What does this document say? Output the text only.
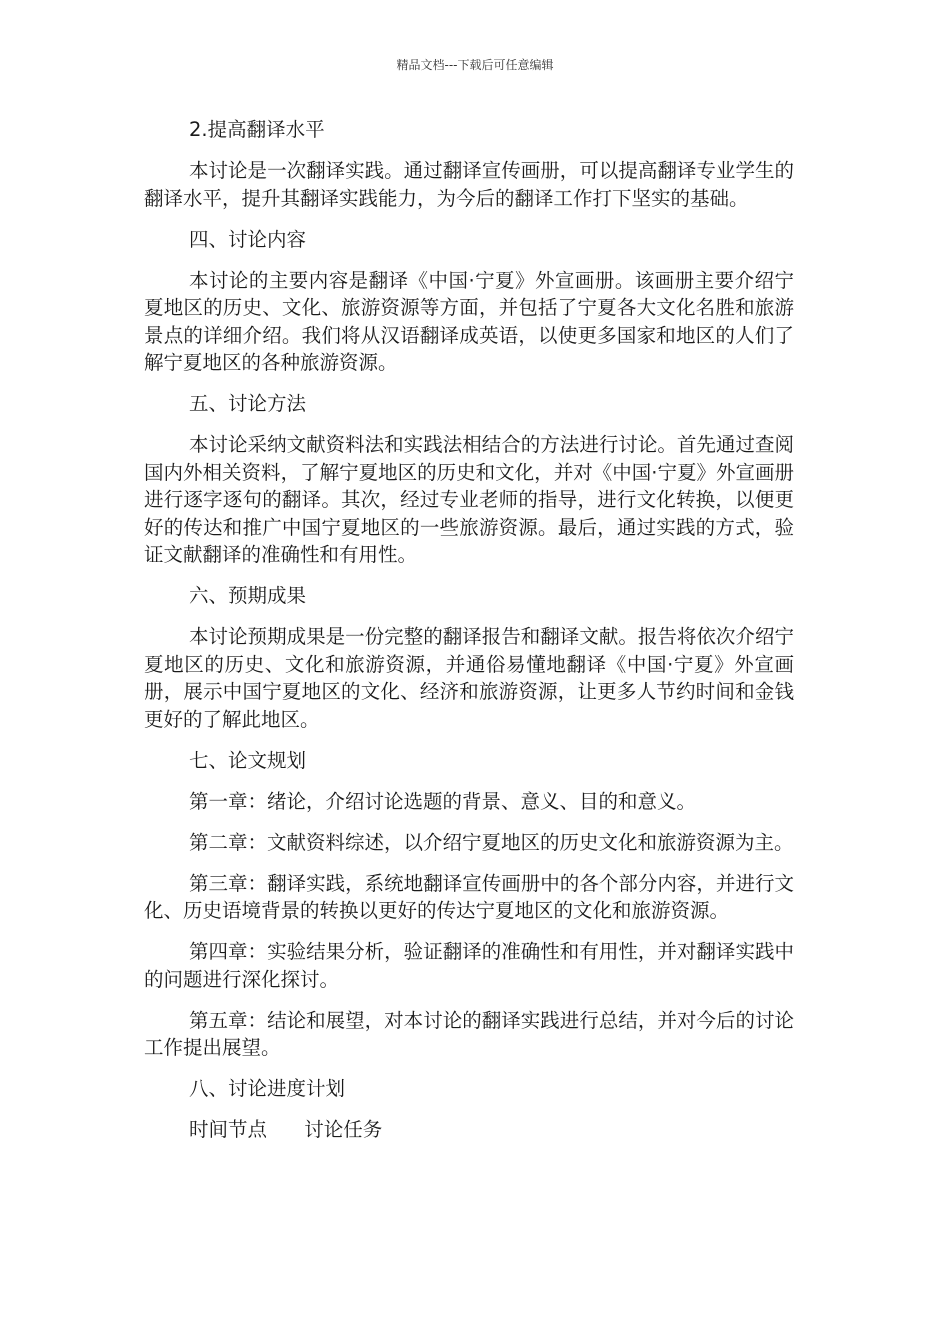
精品文档---下载后可任意编辑

2.提高翻译水平

本讨论是一次翻译实践。通过翻译宣传画册，可以提高翻译专业学生的翻译水平，提升其翻译实践能力，为今后的翻译工作打下坚实的基础。

四、讨论内容

本讨论的主要内容是翻译《中国·宁夏》外宣画册。该画册主要介绍宁夏地区的历史、文化、旅游资源等方面，并包括了宁夏各大文化名胜和旅游景点的详细介绍。我们将从汉语翻译成英语，以使更多国家和地区的人们了解宁夏地区的各种旅游资源。

五、讨论方法

本讨论采纳文献资料法和实践法相结合的方法进行讨论。首先通过查阅国内外相关资料，了解宁夏地区的历史和文化，并对《中国·宁夏》外宣画册进行逐字逐句的翻译。其次，经过专业老师的指导，进行文化转换，以便更好的传达和推广中国宁夏地区的一些旅游资源。最后，通过实践的方式，验证文献翻译的准确性和有用性。

六、预期成果

本讨论预期成果是一份完整的翻译报告和翻译文献。报告将依次介绍宁夏地区的历史、文化和旅游资源，并通俗易懂地翻译《中国·宁夏》外宣画册，展示中国宁夏地区的文化、经济和旅游资源，让更多人节约时间和金钱更好的了解此地区。

七、论文规划

第一章：绪论，介绍讨论选题的背景、意义、目的和意义。

第二章：文献资料综述，以介绍宁夏地区的历史文化和旅游资源为主。

第三章：翻译实践，系统地翻译宣传画册中的各个部分内容，并进行文化、历史语境背景的转换以更好的传达宁夏地区的文化和旅游资源。

第四章：实验结果分析，验证翻译的准确性和有用性，并对翻译实践中的问题进行深化探讨。

第五章：结论和展望，对本讨论的翻译实践进行总结，并对今后的讨论工作提出展望。

八、讨论进度计划

时间节点      讨论任务
